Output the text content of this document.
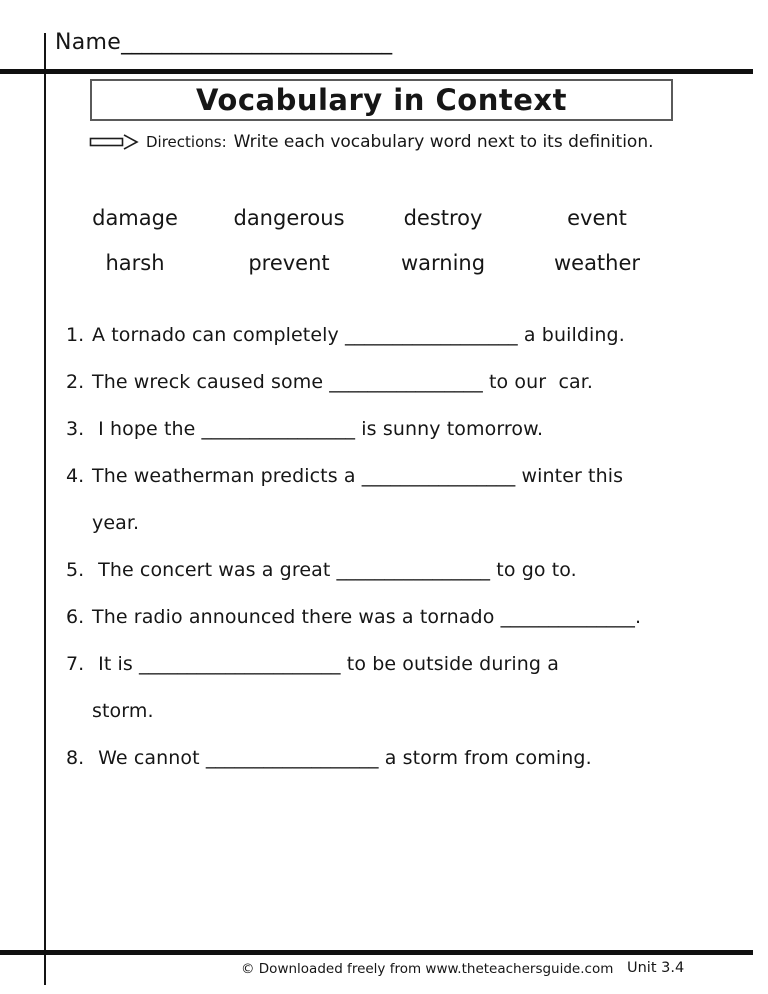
Name___________________________
Vocabulary in Context

Directions: Write each vocabulary word next to its definition.
damage	dangerous	destroy	event
harsh	prevent	warning	weather
1. A tornado can completely __________________ a building.
2. The wreck caused some ________________ to our  car.
3. I hope the ________________ is sunny tomorrow.
4. The weatherman predicts a ________________ winter this
year.
5. The concert was a great ________________ to go to.
6. The radio announced there was a tornado ______________.
7. It is _____________________ to be outside during a
storm.
8. We cannot __________________ a storm from coming.
© Downloaded freely from www.theteachersguide.com Unit 3.4
